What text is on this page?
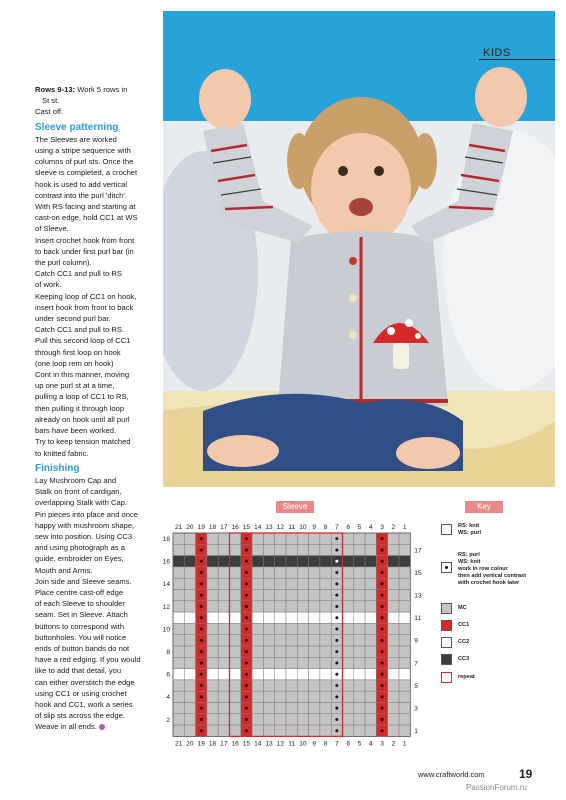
Rows 9-13: Work 5 rows in

St st.

Cast off.

Sleeve patterning
The Sleeves are worked
using a stripe sequence with
columns of purl sts. Once the
sleeve is completed, a crochet
hook is used to add vertical
contrast into the purl 'ditch'.
With RS facing and starting at
cast-on edge, hold CC1 at WS
of Sleeve.
Insert crochet hook from front
to back under first purl bar (in
the purl column).
Catch CC1 and pull to RS
of work.
Keeping loop of CC1 on hook,
insert hook from front to back
under second purl bar.
Catch CC1 and pull to RS.
Pull this second loop of CC1
through first loop on hook
(one loop rem on hook)
Cont in this manner, moving
up one purl st at a time,
pulling a loop of CC1 to RS,
then pulling it through loop
already on hook until all purl
bars have been worked.
Try to keep tension matched
to knitted fabric.
Finishing
Lay Mushroom Cap and
Stalk on front of cardigan,
overlapping Stalk with Cap.
Pin pieces into place and once
happy with mushroom shape,
sew into position. Using CC3
and using photograph as a
guide, embroider on Eyes,
Mouth and Arms.
Join side and Sleeve seams.
Place centre cast-off edge
of each Sleeve to shoulder
seam. Set in Sleeve. Attach
buttons to correspond with
buttonholes. You will notice
ends of button bands do not
have a red edging. If you would
like to add that detail, you
can either overstitch the edge
using CC1 or using crochet
hook and CC1, work a series
of slip sts across the edge.
Weave in all ends.
KIDS
Sleeve	Key
21
21
20
20
19
19
18
18
17
17
16
16
15
15
14
14
13
13
12
12
11
11
10
10
9
9
8
8
7
7
6
6
5
5
4
4
3
3
2
2
1
1
18
16
14
12
10
8
6
4
2
17
15
13
11
9
7
5
3
1
RS: knit
WS: purl
RS: purl
WS: knit
work in row colour
then add vertical contrast
with crochet hook later
MC
CC1
CC2
CC3
repeat
www.craftworld.com	19
PassionForum.ru
